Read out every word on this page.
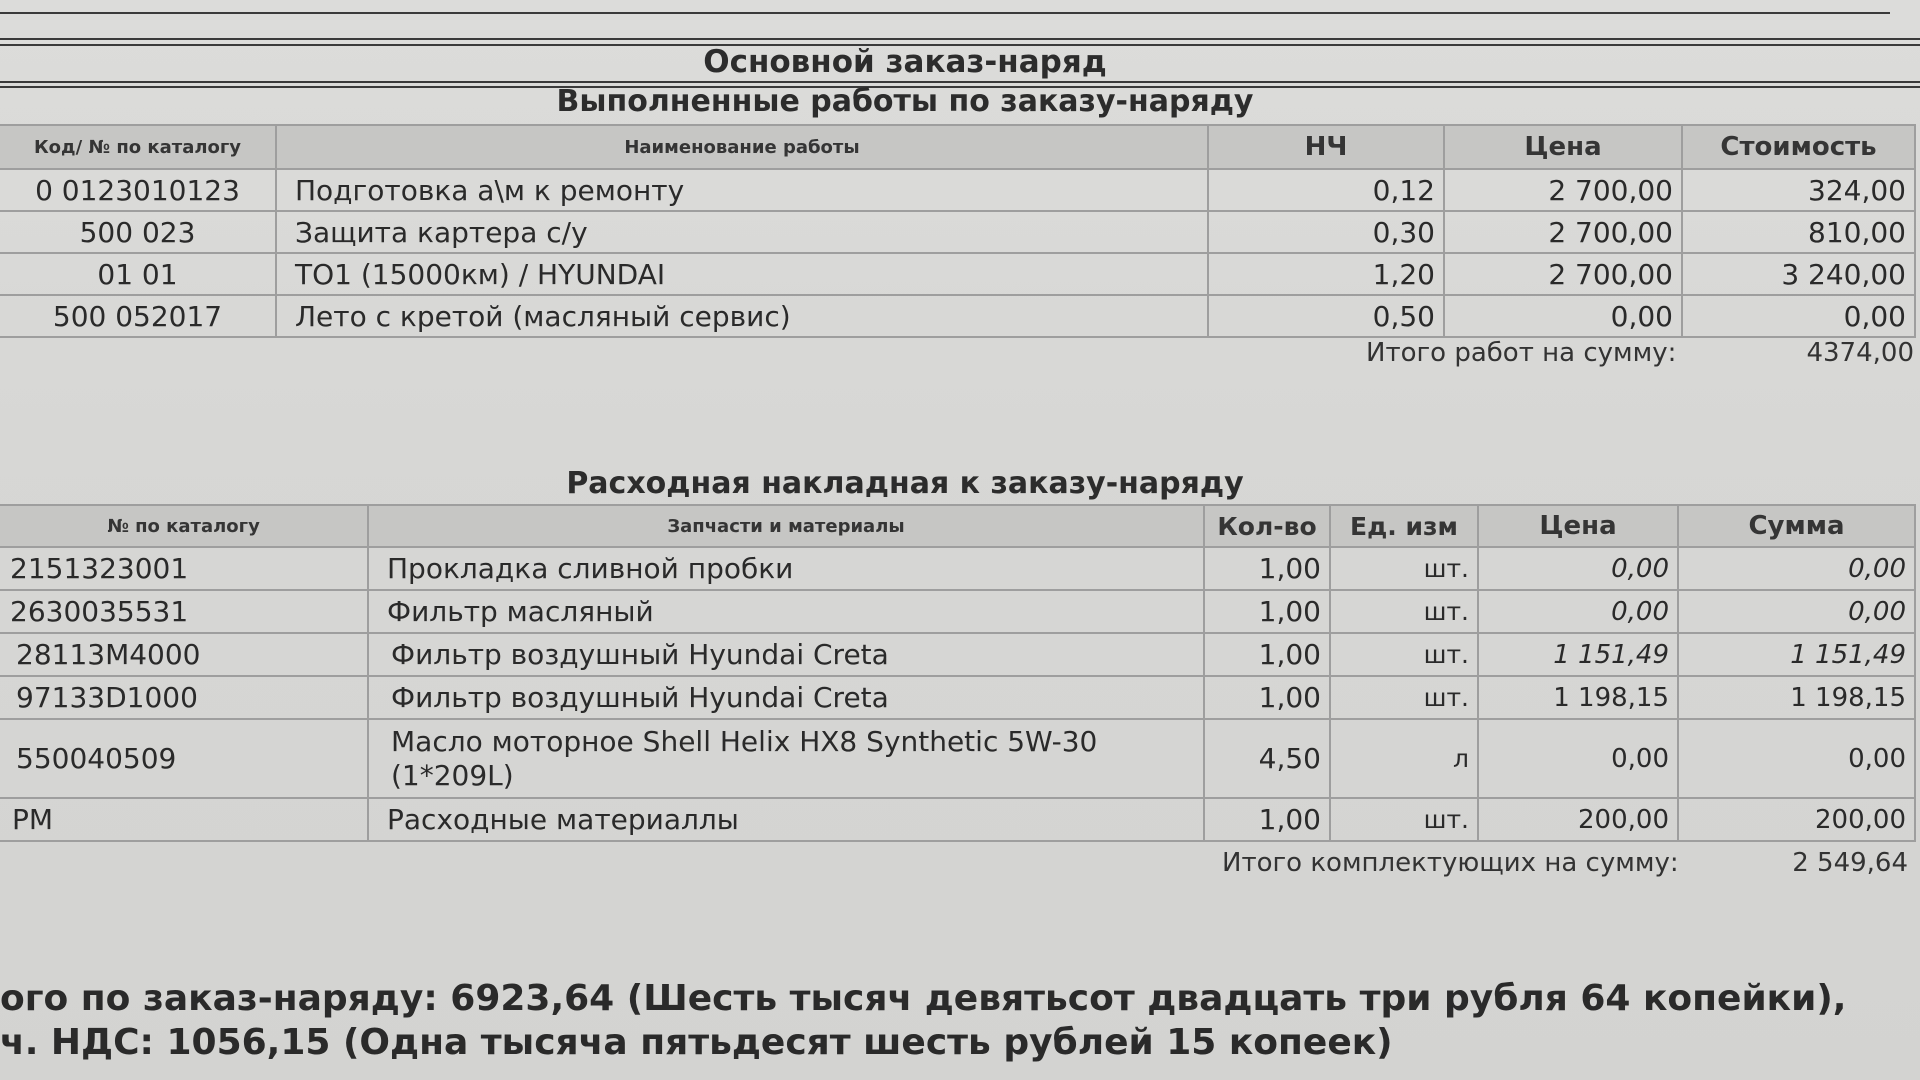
Основной заказ-наряд
Выполненные работы по заказу-наряду
Код/ № по каталогу	Наименование работы	НЧ	Цена	Стоимость
0 0123010123	Подготовка а\м к ремонту	0,12	2 700,00	324,00
500 023	Защита картера с/у	0,30	2 700,00	810,00
01 01	ТО1 (15000км) / HYUNDAI	1,20	2 700,00	3 240,00
500 052017	Лето с кретой (масляный сервис)	0,50	0,00	0,00
Итого работ на сумму:	4374,00
Расходная накладная к заказу-наряду
№ по каталогу	Запчасти и материалы	Кол-во	Ед. изм	Цена	Сумма
2151323001	Прокладка сливной пробки	1,00	шт.	0,00	0,00
2630035531	Фильтр масляный	1,00	шт.	0,00	0,00
28113M4000	Фильтр воздушный Hyundai Creta	1,00	шт.	1 151,49	1 151,49
97133D1000	Фильтр воздушный Hyundai Creta	1,00	шт.	1 198,15	1 198,15
550040509	Масло моторное Shell Helix HX8 Synthetic 5W-30 (1*209L)	4,50	л	0,00	0,00
РМ	Расходные материаллы	1,00	шт.	200,00	200,00
Итого комплектующих на сумму:	2 549,64
ого по заказ-наряду: 6923,64 (Шесть тысяч девятьсот двадцать три рубля 64 копейки),
ч. НДС: 1056,15 (Одна тысяча пятьдесят шесть рублей 15 копеек)
